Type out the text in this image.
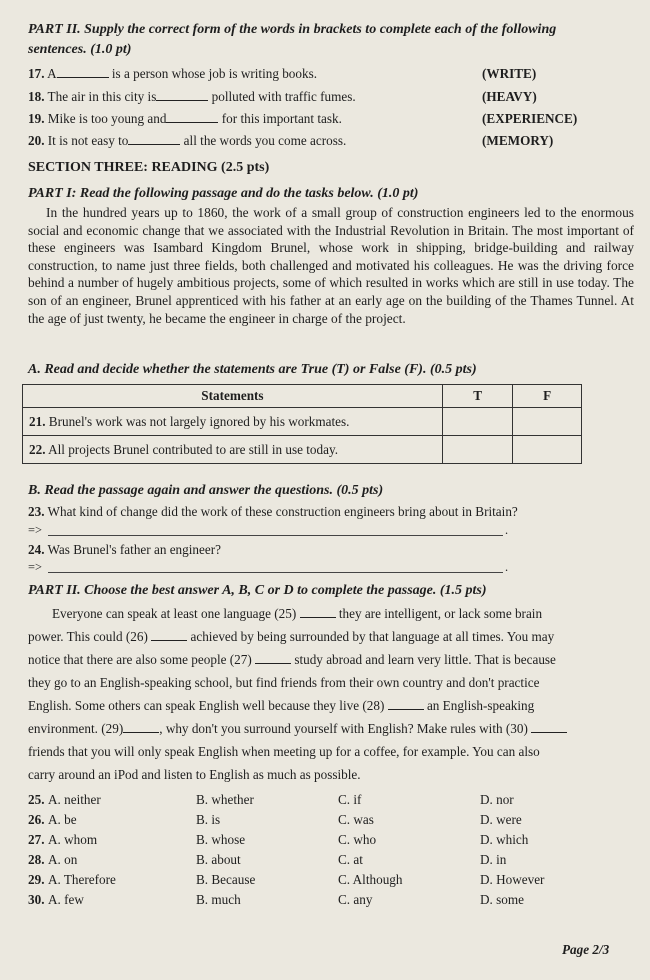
PART II. Supply the correct form of the words in brackets to complete each of the following
sentences. (1.0 pt)
17. A	is a person whose job is writing books.	(WRITE)
18. The air in this city is	polluted with traffic fumes.	(HEAVY)
19. Mike is too young and	for this important task.	(EXPERIENCE)
20. It is not easy to	all the words you come across.	(MEMORY)
SECTION THREE: READING (2.5 pts)
PART I: Read the following passage and do the tasks below. (1.0 pt)
In the hundred years up to 1860, the work of a small group of construction engineers led to the enormous social and economic change that we associated with the Industrial Revolution in Britain. The most important of these engineers was Isambard Kingdom Brunel, whose work in shipping, bridge-building and railway construction, to name just three fields, both challenged and motivated his colleagues. He was the driving force behind a number of hugely ambitious projects, some of which resulted in works which are still in use today. The son of an engineer, Brunel apprenticed with his father at an early age on the building of the Thames Tunnel. At the age of just twenty, he became the engineer in charge of the project.
A. Read and decide whether the statements are True (T) or False (F). (0.5 pts)
Statements	T	F
21. Brunel's work was not largely ignored by his workmates.		
22. All projects Brunel contributed to are still in use today.		
B. Read the passage again and answer the questions. (0.5 pts)
23. What kind of change did the work of these construction engineers bring about in Britain?
=>	.
24. Was Brunel's father an engineer?
=>	.
PART II. Choose the best answer A, B, C or D to complete the passage. (1.5 pts)
Everyone can speak at least one language (25)	they are intelligent, or lack some brain
power. This could (26)	achieved by being surrounded by that language at all times. You may
notice that there are also some people (27)	study abroad and learn very little. That is because
they go to an English-speaking school, but find friends from their own country and don't practice
English. Some others can speak English well because they live (28)	an English-speaking
environment. (29)	, why don't you surround yourself with English? Make rules with (30)
friends that you will only speak English when meeting up for a coffee, for example. You can also
carry around an iPod and listen to English as much as possible.
25. A. neither	B. whether	C. if	D. nor
26. A. be	B. is	C. was	D. were
27. A. whom	B. whose	C. who	D. which
28. A. on	B. about	C. at	D. in
29. A. Therefore	B. Because	C. Although	D. However
30. A. few	B. much	C. any	D. some
Page 2/3
